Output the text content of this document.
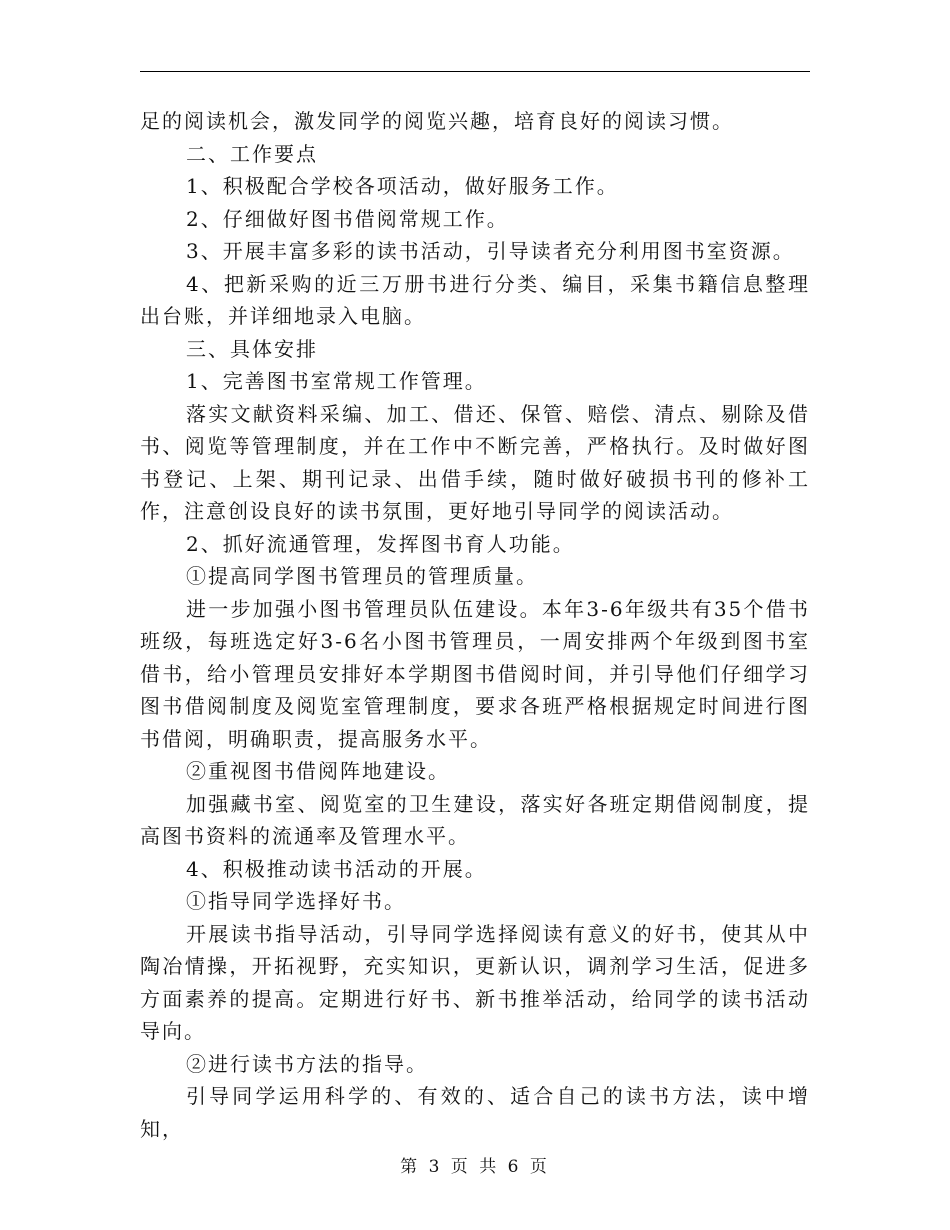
足的阅读机会，激发同学的阅览兴趣，培育良好的阅读习惯。

二、工作要点

1、积极配合学校各项活动，做好服务工作。

2、仔细做好图书借阅常规工作。

3、开展丰富多彩的读书活动，引导读者充分利用图书室资源。

4、把新采购的近三万册书进行分类、编目，采集书籍信息整理出台账，并详细地录入电脑。

三、具体安排

1、完善图书室常规工作管理。

落实文献资料采编、加工、借还、保管、赔偿、清点、剔除及借书、阅览等管理制度，并在工作中不断完善，严格执行。及时做好图书登记、上架、期刊记录、出借手续，随时做好破损书刊的修补工作，注意创设良好的读书氛围，更好地引导同学的阅读活动。

2、抓好流通管理，发挥图书育人功能。

①提高同学图书管理员的管理质量。

进一步加强小图书管理员队伍建设。本年3-6年级共有35个借书班级，每班选定好3-6名小图书管理员，一周安排两个年级到图书室借书，给小管理员安排好本学期图书借阅时间，并引导他们仔细学习图书借阅制度及阅览室管理制度，要求各班严格根据规定时间进行图书借阅，明确职责，提高服务水平。

②重视图书借阅阵地建设。

加强藏书室、阅览室的卫生建设，落实好各班定期借阅制度，提高图书资料的流通率及管理水平。

4、积极推动读书活动的开展。

①指导同学选择好书。

开展读书指导活动，引导同学选择阅读有意义的好书，使其从中陶冶情操，开拓视野，充实知识，更新认识，调剂学习生活，促进多方面素养的提高。定期进行好书、新书推举活动，给同学的读书活动导向。

②进行读书方法的指导。

引导同学运用科学的、有效的、适合自己的读书方法，读中增知，

第 3 页 共 6 页
